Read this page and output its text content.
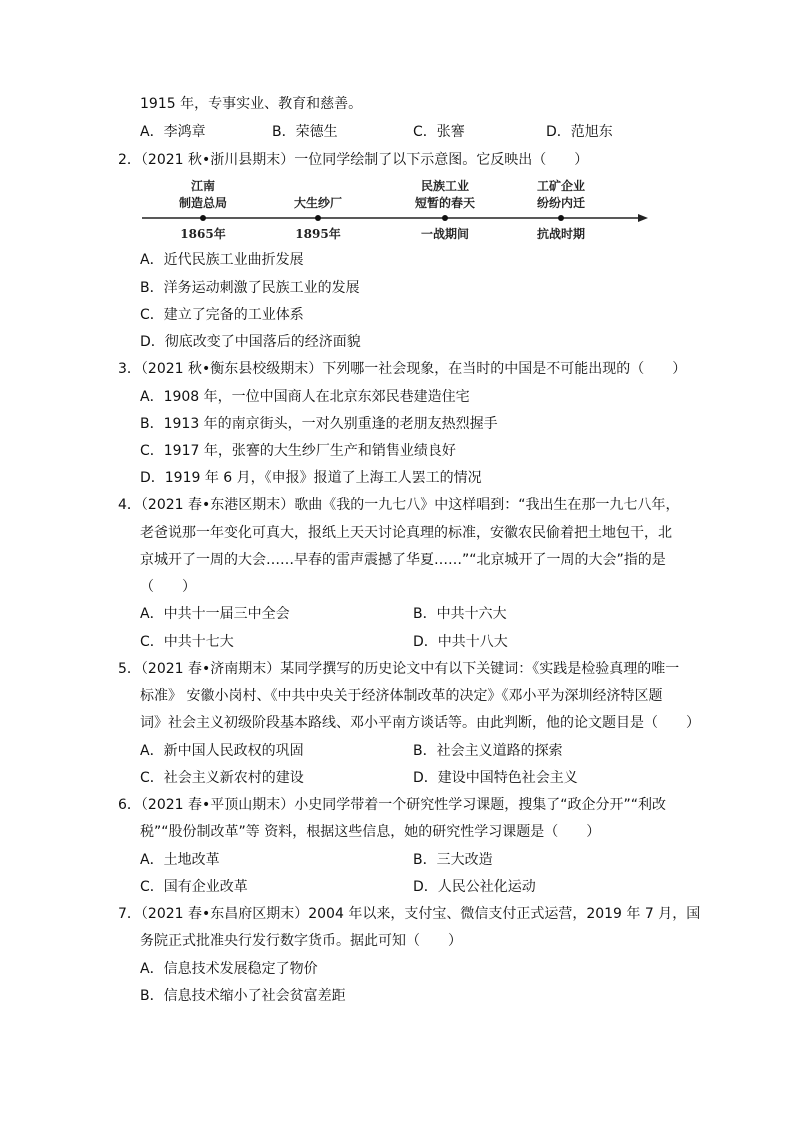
1915 年，专事实业、教育和慈善。
A．李鸿章	B．荣德生	C．张謇	D．范旭东
2．（2021 秋•浙川县期末）一位同学绘制了以下示意图。它反映出（　　）
江南
制造总局
1865年
大生纱厂
1895年
民族工业
短暂的春天
一战期间
工矿企业
纷纷内迁
抗战时期
A．近代民族工业曲折发展
B．洋务运动刺激了民族工业的发展
C．建立了完备的工业体系
D．彻底改变了中国落后的经济面貌
3．（2021 秋•衡东县校级期末）下列哪一社会现象，在当时的中国是不可能出现的（　　）
A．1908 年，一位中国商人在北京东郊民巷建造住宅
B．1913 年的南京街头，一对久别重逢的老朋友热烈握手
C．1917 年，张謇的大生纱厂生产和销售业绩良好
D．1919 年 6 月，《申报》报道了上海工人罢工的情况
4．（2021 春•东港区期末）歌曲《我的一九七八》中这样唱到：“我出生在那一九七八年，
老爸说那一年变化可真大，报纸上天天讨论真理的标准，安徽农民偷着把土地包干，北
京城开了一周的大会……早春的雷声震撼了华夏……”“北京城开了一周的大会”指的是
（　　）
A．中共十一届三中全会	B．中共十六大
C．中共十七大	D．中共十八大
5．（2021 春•济南期末）某同学撰写的历史论文中有以下关键词：《实践是检验真理的唯一
标准》 安徽小岗村、《中共中央关于经济体制改革的决定》《邓小平为深圳经济特区题
词》社会主义初级阶段基本路线、邓小平南方谈话等。由此判断，他的论文题目是（　　）
A．新中国人民政权的巩固	B．社会主义道路的探索
C．社会主义新农村的建设	D．建设中国特色社会主义
6．（2021 春•平顶山期末）小史同学带着一个研究性学习课题，搜集了“政企分开”“利改
税”“股份制改革”等 资料，根据这些信息，她的研究性学习课题是（　　）
A．土地改革	B．三大改造
C．国有企业改革	D．人民公社化运动
7．（2021 春•东昌府区期末）2004 年以来，支付宝、微信支付正式运营，2019 年 7 月，国
务院正式批准央行发行数字货币。据此可知（　　）
A．信息技术发展稳定了物价
B．信息技术缩小了社会贫富差距
